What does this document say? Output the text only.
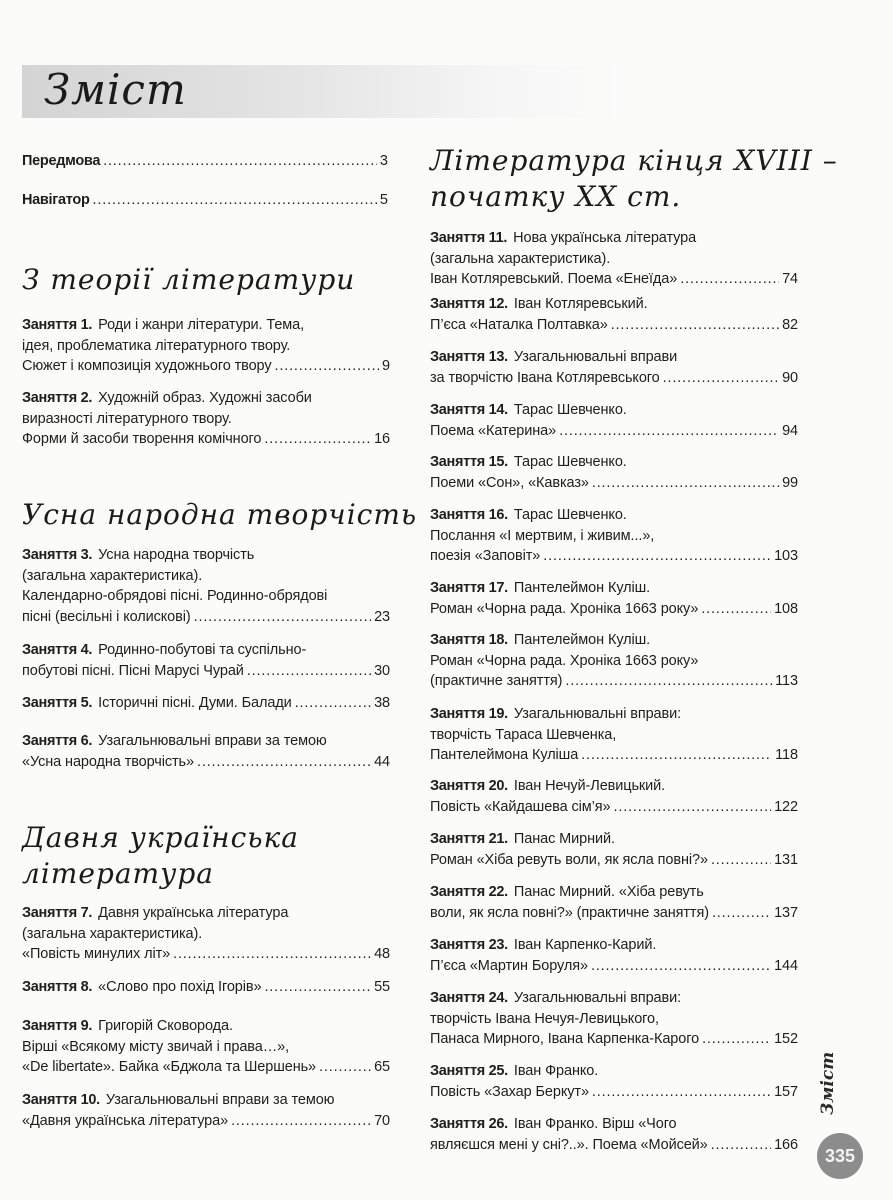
Зміст
Передмова . . .	3
Навігатор . . .	5
З теорії літератури
Усна народна творчість
Давня українська
література
Література кінця XVIII –
початку XX ст.
Заняття 1. Роди і жанри літератури. Тема,
ідея, проблематика літературного твору.
Сюжет і композиція художнього твору . . .	9
Заняття 2. Художній образ. Художні засоби
виразності літературного твору.
Форми й засоби творення комічного . . .	16
Заняття 3. Усна народна творчість
(загальна характеристика).
Календарно-обрядові пісні. Родинно-обрядові
пісні (весільні і колискові) . . .	23
Заняття 4. Родинно-побутові та суспільно-
побутові пісні. Пісні Марусі Чурай . . .	30
Заняття 5. Історичні пісні. Думи. Балади . . .	38
Заняття 6. Узагальнювальні вправи за темою
«Усна народна творчість» . . .	44
Заняття 7. Давня українська література
(загальна характеристика).
«Повість минулих літ» . . .	48
Заняття 8. «Слово про похід Ігорів» . . .	55
Заняття 9. Григорій Сковорода.
Вірші «Всякому місту звичай і права…»,
«De libertate». Байка «Бджола та Шершень» . . .	65
Заняття 10. Узагальнювальні вправи за темою
«Давня українська література» . . .	70
Заняття 11. Нова українська література
(загальна характеристика).
Іван Котляревський. Поема «Енеїда» . . .	74
Заняття 12. Іван Котляревський.
П’єса «Наталка Полтавка» . . .	82
Заняття 13. Узагальнювальні вправи
за творчістю Івана Котляревського . . .	90
Заняття 14. Тарас Шевченко.
Поема «Катерина» . . .	94
Заняття 15. Тарас Шевченко.
Поеми «Сон», «Кавказ» . . .	99
Заняття 16. Тарас Шевченко.
Послання «І мертвим, і живим...»,
поезія «Заповіт» . . .	103
Заняття 17. Пантелеймон Куліш.
Роман «Чорна рада. Хроніка 1663 року» . . .	108
Заняття 18. Пантелеймон Куліш.
Роман «Чорна рада. Хроніка 1663 року»
(практичне заняття) . . .	113
Заняття 19. Узагальнювальні вправи:
творчість Тараса Шевченка,
Пантелеймона Куліша . . .	118
Заняття 20. Іван Нечуй-Левицький.
Повість «Кайдашева сім’я» . . .	122
Заняття 21. Панас Мирний.
Роман «Хіба ревуть воли, як ясла повні?» . . .	131
Заняття 22. Панас Мирний. «Хіба ревуть
воли, як ясла повні?» (практичне заняття) . . .	137
Заняття 23. Іван Карпенко-Карий.
П’єса «Мартин Боруля» . . .	144
Заняття 24. Узагальнювальні вправи:
творчість Івана Нечуя-Левицького,
Панаса Мирного, Івана Карпенка-Карого . . .	152
Заняття 25. Іван Франко.
Повість «Захар Беркут» . . .	157
Заняття 26. Іван Франко. Вірш «Чого
являєшся мені у сні?..». Поема «Мойсей» . . .	166
Зміст
335
